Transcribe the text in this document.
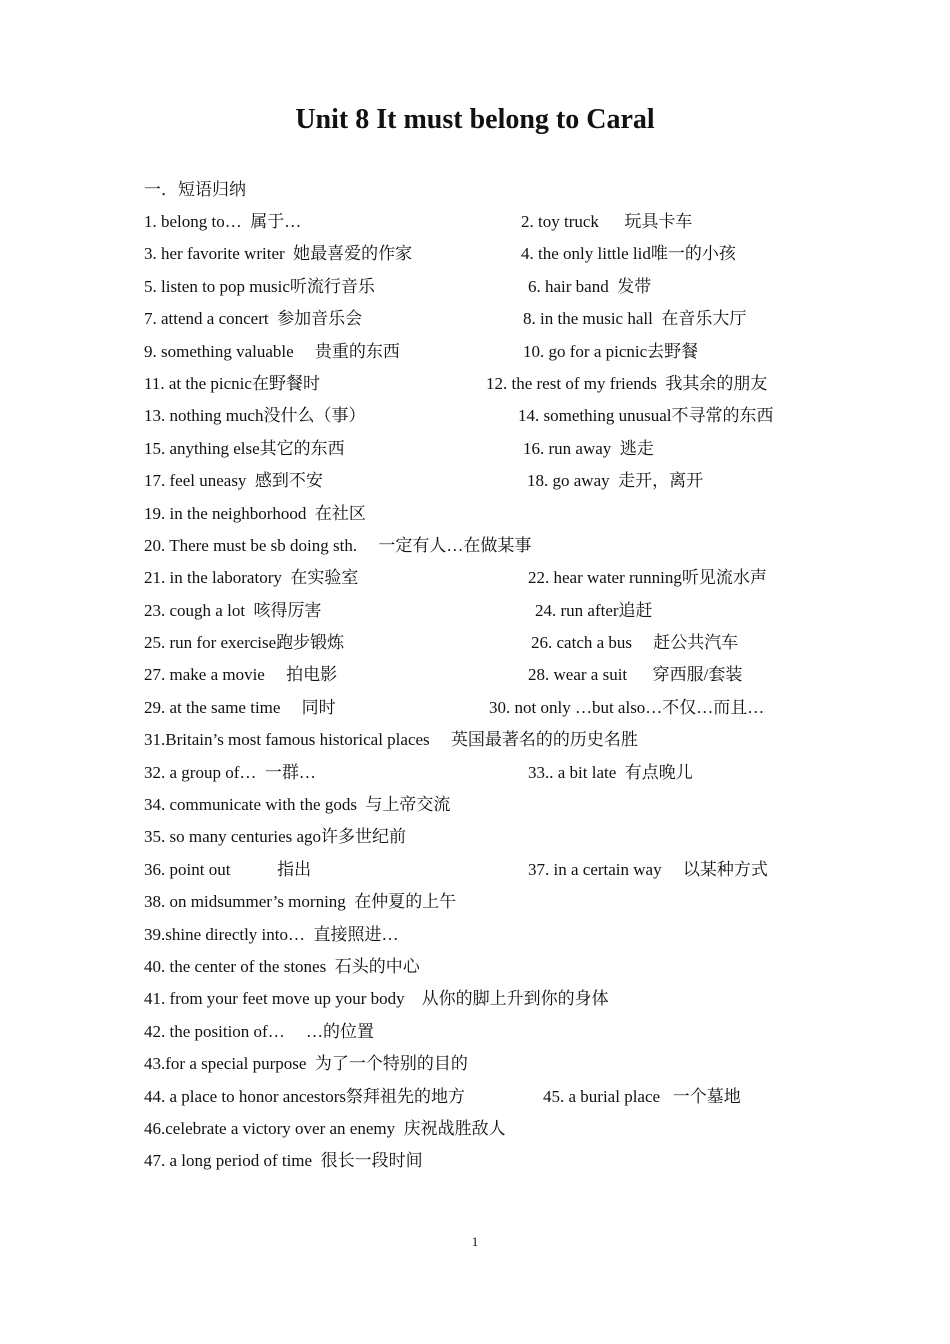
Unit 8 It must belong to Caral
一．短语归纳
1. belong to…  属于…	2. toy truck      玩具卡车
3. her favorite writer  她最喜爱的作家	4. the only little lid唯一的小孩
5. listen to pop music听流行音乐	6. hair band  发带
7. attend a concert  参加音乐会	8. in the music hall  在音乐大厅
9. something valuable     贵重的东西	10. go for a picnic去野餐
11. at the picnic在野餐时	12. the rest of my friends  我其余的朋友
13. nothing much没什么（事）	14. something unusual不寻常的东西
15. anything else其它的东西	16. run away  逃走
17. feel uneasy  感到不安	18. go away  走开，离开
19. in the neighborhood  在社区
20. There must be sb doing sth.     一定有人…在做某事
21. in the laboratory  在实验室	22. hear water running听见流水声
23. cough a lot  咳得厉害	24. run after追赶
25. run for exercise跑步锻炼	26. catch a bus     赶公共汽车
27. make a movie     拍电影	28. wear a suit      穿西服/套装
29. at the same time     同时	30. not only …but also…不仅…而且…
31.Britain’s most famous historical places     英国最著名的的历史名胜
32. a group of…  一群…	33.. a bit late  有点晚儿
34. communicate with the gods  与上帝交流
35. so many centuries ago许多世纪前
36. point out           指出	37. in a certain way     以某种方式
38. on midsummer’s morning  在仲夏的上午
39.shine directly into…  直接照进…
40. the center of the stones  石头的中心
41. from your feet move up your body    从你的脚上升到你的身体
42. the position of…     …的位置
43.for a special purpose  为了一个特别的目的
44. a place to honor ancestors祭拜祖先的地方	45. a burial place   一个墓地
46.celebrate a victory over an enemy  庆祝战胜敌人
47. a long period of time  很长一段时间
1
